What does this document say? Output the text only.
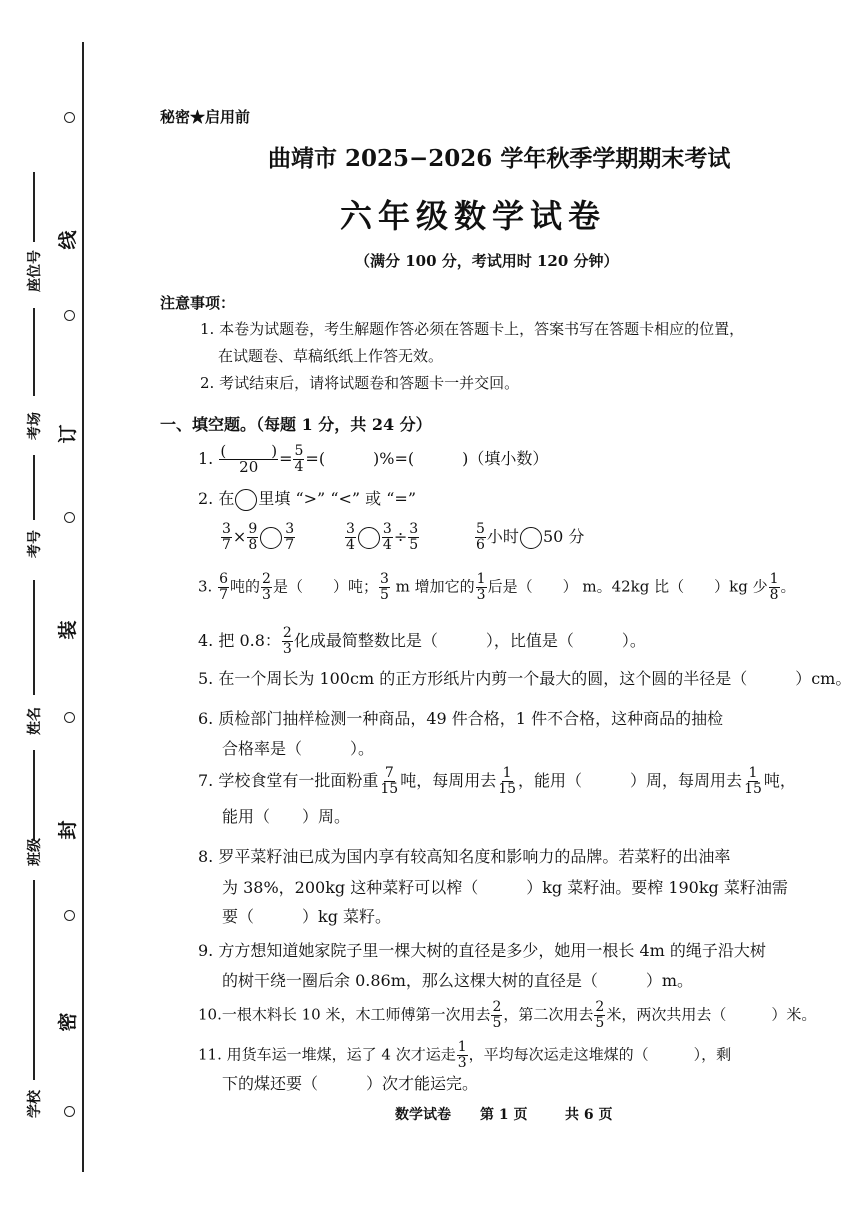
线
订
装
封
密
座位号
考场
考号
姓名
班级
学校
秘密★启用前
曲靖市 2025−2026 学年秋季学期期末考试
六年级数学试卷
（满分 100 分，考试用时 120 分钟）
注意事项：
1. 本卷为试题卷，考生解题作答必须在答题卡上，答案书写在答题卡相应的位置，
在试题卷、草稿纸纸上作答无效。
2. 考试结束后，请将试题卷和答题卡一并交回。
一、填空题。（每题 1 分，共 24 分）
1. $\frac{( )}{20} = \frac{5}{4}$ =(　　　)%=(　　　)（填小数）
2. 在 里填 “>” “<” 或 “=”
$\frac{3}{7} \times \frac{9}{8} \frac{3}{7}$	$\frac{3}{4} \frac{3}{4} \div \frac{3}{5}$	$\frac{5}{6}$ 小时 50 分
3. $\frac{6}{7}$ 吨的 $\frac{2}{3}$ 是（　　）吨； $\frac{3}{5}$ m 增加它的 $\frac{1}{3}$ 后是（　　） m。42kg 比（　　）kg 少 $\frac{1}{8}$ 。
4. 把 0.8： $\frac{2}{3}$ 化成最简整数比是（　　　），比值是（　　　）。
5. 在一个周长为 100cm 的正方形纸片内剪一个最大的圆，这个圆的半径是（　　　）cm。
6. 质检部门抽样检测一种商品，49 件合格，1 件不合格，这种商品的抽检
合格率是（　　　）。
7. 学校食堂有一批面粉重 $\frac{7}{15}$ 吨，每周用去 $\frac{1}{15}$ ，能用（　　　）周，每周用去 $\frac{1}{15}$ 吨，
能用（　　）周。
8. 罗平菜籽油已成为国内享有较高知名度和影响力的品牌。若菜籽的出油率
为 38%，200kg 这种菜籽可以榨（　　　）kg 菜籽油。要榨 190kg 菜籽油需
要（　　　）kg 菜籽。
9. 方方想知道她家院子里一棵大树的直径是多少，她用一根长 4m 的绳子沿大树
的树干绕一圈后余 0.86m，那么这棵大树的直径是（　　　）m。
10.一根木料长 10 米，木工师傅第一次用去 $\frac{2}{5}$ ，第二次用去 $\frac{2}{5}$ 米，两次共用去（　　　）米。
11. 用货车运一堆煤，运了 4 次才运走 $\frac{1}{3}$ ，平均每次运走这堆煤的（　　　），剩
下的煤还要（　　　）次才能运完。
数学试卷 第 1 页	共 6 页
